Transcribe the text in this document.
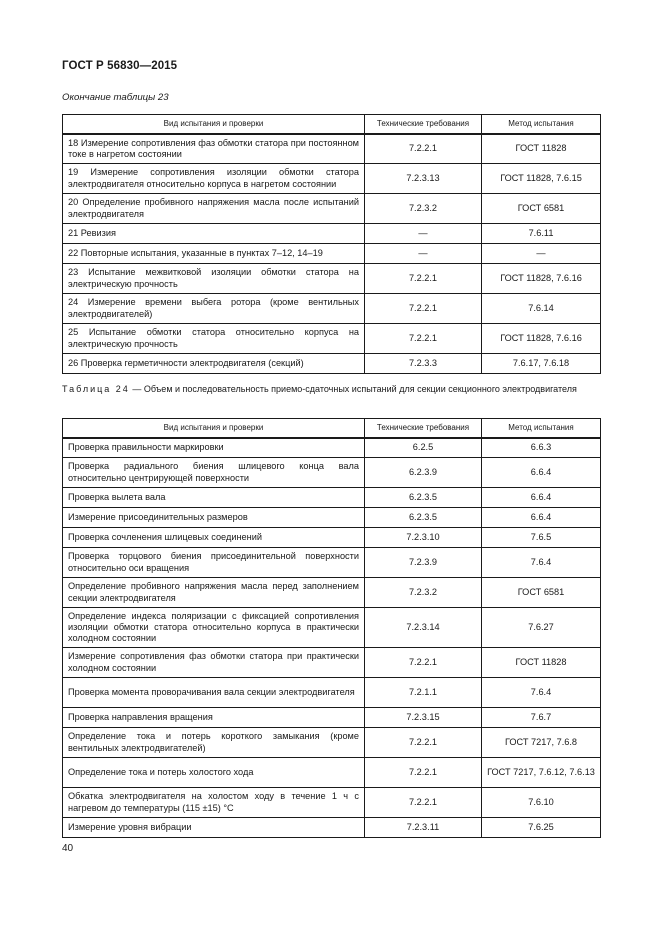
ГОСТ Р 56830—2015
Окончание таблицы 23
Вид испытания и проверки	Технические требования	Метод испытания
18 Измерение сопротивления фаз обмотки статора при постоянном токе в нагретом состоянии	7.2.2.1	ГОСТ 11828
19 Измерение сопротивления изоляции обмотки статора электродвигателя относительно корпуса в нагретом состоянии	7.2.3.13	ГОСТ 11828, 7.6.15
20 Определение пробивного напряжения масла после испытаний электродвигателя	7.2.3.2	ГОСТ 6581
21 Ревизия	—	7.6.11
22 Повторные испытания, указанные в пунктах 7–12, 14–19	—	—
23 Испытание межвитковой изоляции обмотки статора на электрическую прочность	7.2.2.1	ГОСТ 11828, 7.6.16
24 Измерение времени выбега ротора (кроме вентильных электродвигателей)	7.2.2.1	7.6.14
25 Испытание обмотки статора относительно корпуса на электрическую прочность	7.2.2.1	ГОСТ 11828, 7.6.16
26 Проверка герметичности электродвигателя (секций)	7.2.3.3	7.6.17, 7.6.18
Таблица 24 — Объем и последовательность приемо-сдаточных испытаний для секции секционного электродвигателя
Вид испытания и проверки	Технические требования	Метод испытания
Проверка правильности маркировки	6.2.5	6.6.3
Проверка радиального биения шлицевого конца вала относительно центрирующей поверхности	6.2.3.9	6.6.4
Проверка вылета вала	6.2.3.5	6.6.4
Измерение присоединительных размеров	6.2.3.5	6.6.4
Проверка сочленения шлицевых соединений	7.2.3.10	7.6.5
Проверка торцового биения присоединительной поверхности относительно оси вращения	7.2.3.9	7.6.4
Определение пробивного напряжения масла перед заполнением секции электродвигателя	7.2.3.2	ГОСТ 6581
Определение индекса поляризации с фиксацией сопротивления изоляции обмотки статора относительно корпуса в практически холодном состоянии	7.2.3.14	7.6.27
Измерение сопротивления фаз обмотки статора при практически холодном состоянии	7.2.2.1	ГОСТ 11828
Проверка момента проворачивания вала секции электродвигателя	7.2.1.1	7.6.4
Проверка направления вращения	7.2.3.15	7.6.7
Определение тока и потерь короткого замыкания (кроме вентильных электродвигателей)	7.2.2.1	ГОСТ 7217, 7.6.8
Определение тока и потерь холостого хода	7.2.2.1	ГОСТ 7217, 7.6.12, 7.6.13
Обкатка электродвигателя на холостом ходу в течение 1 ч с нагревом до температуры (115 ±15) °С	7.2.2.1	7.6.10
Измерение уровня вибрации	7.2.3.11	7.6.25
40
